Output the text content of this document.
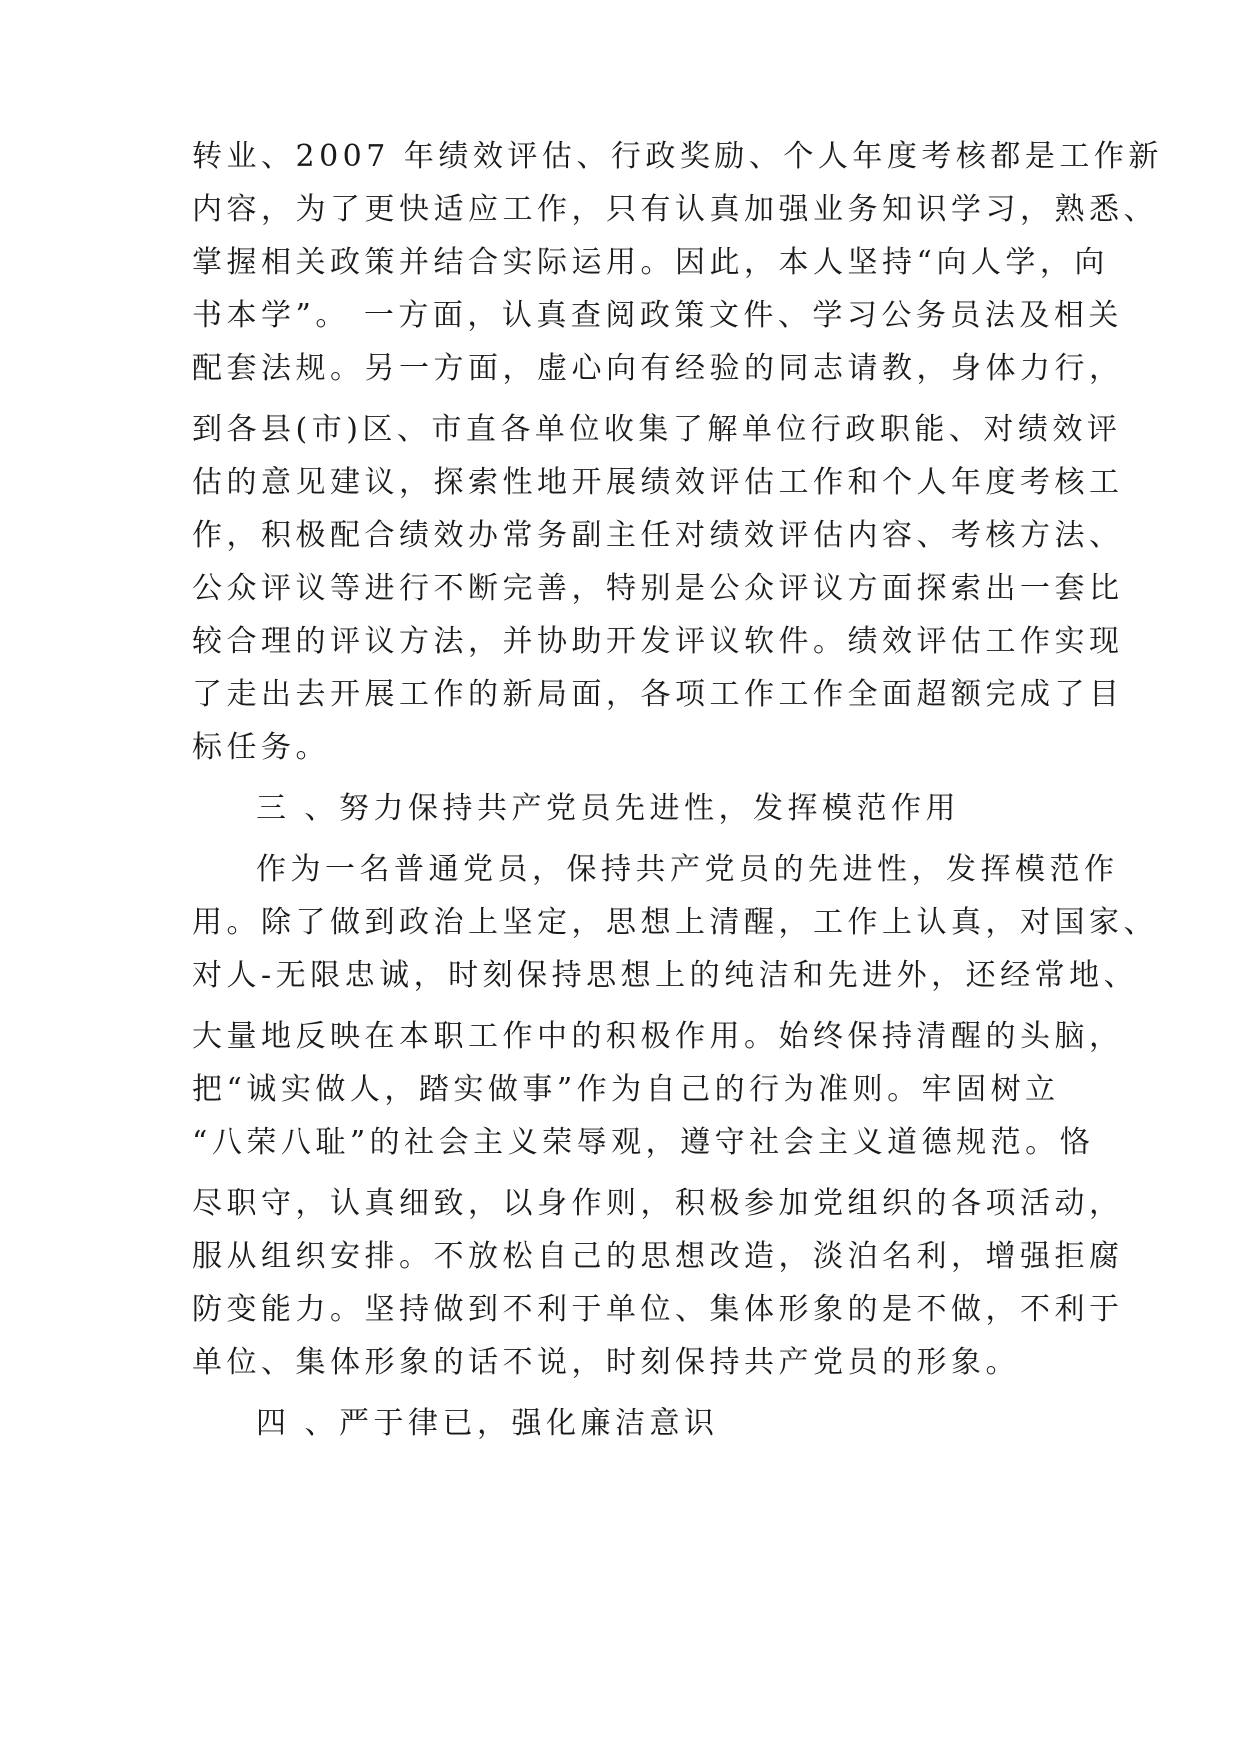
转业、2007 年绩效评估、行政奖励、个人年度考核都是工作新
内容，为了更快适应工作，只有认真加强业务知识学习，熟悉、
掌握相关政策并结合实际运用。因此，本人坚持“向人学，向
书本学”。 一方面，认真查阅政策文件、学习公务员法及相关
配套法规。另一方面，虚心向有经验的同志请教，身体力行，
到各县(市)区、市直各单位收集了解单位行政职能、对绩效评
估的意见建议，探索性地开展绩效评估工作和个人年度考核工
作，积极配合绩效办常务副主任对绩效评估内容、考核方法、
公众评议等进行不断完善，特别是公众评议方面探索出一套比
较合理的评议方法，并协助开发评议软件。绩效评估工作实现
了走出去开展工作的新局面，各项工作工作全面超额完成了目
标任务。
三 、努力保持共产党员先进性，发挥模范作用
作为一名普通党员，保持共产党员的先进性，发挥模范作
用。除了做到政治上坚定，思想上清醒，工作上认真，对国家、
对人-无限忠诚，时刻保持思想上的纯洁和先进外，还经常地、
大量地反映在本职工作中的积极作用。始终保持清醒的头脑，
把“诚实做人，踏实做事”作为自己的行为准则。牢固树立
“八荣八耻”的社会主义荣辱观，遵守社会主义道德规范。恪
尽职守，认真细致，以身作则，积极参加党组织的各项活动，
服从组织安排。不放松自己的思想改造，淡泊名利，增强拒腐
防变能力。坚持做到不利于单位、集体形象的是不做，不利于
单位、集体形象的话不说，时刻保持共产党员的形象。
四 、严于律已，强化廉洁意识
